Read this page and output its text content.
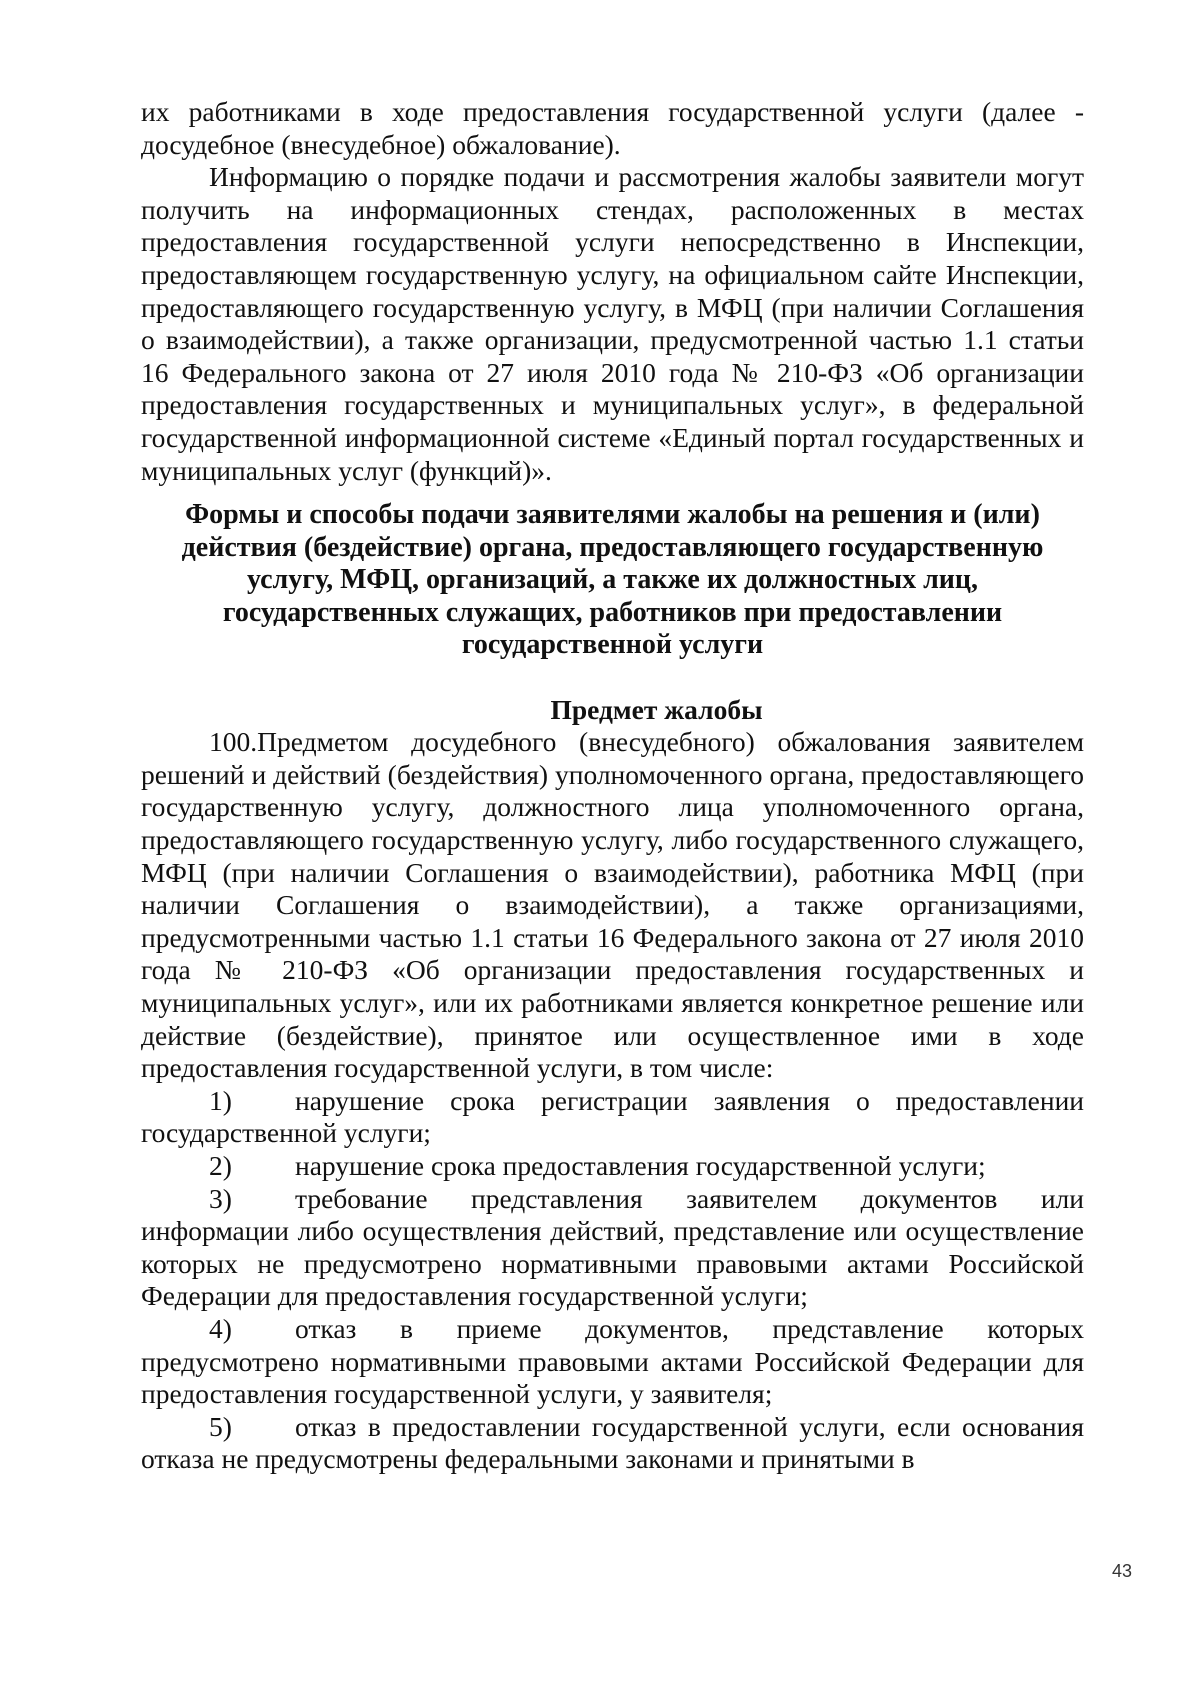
их работниками в ходе предоставления государственной услуги (далее - досудебное (внесудебное) обжалование).

Информацию о порядке подачи и рассмотрения жалобы заявители могут получить на информационных стендах, расположенных в местах предоставления государственной услуги непосредственно в Инспекции, предоставляющем государственную услугу, на официальном сайте Инспекции, предоставляющего государственную услугу, в МФЦ (при наличии Соглашения о взаимодействии), а также организации, предусмотренной частью 1.1 статьи 16 Федерального закона от 27 июля 2010 года № 210-ФЗ «Об организации предоставления государственных и муниципальных услуг», в федеральной государственной информационной системе «Единый портал государственных и муниципальных услуг (функций)».

Формы и способы подачи заявителями жалобы на решения и (или)
действия (бездействие) органа, предоставляющего государственную
услугу, МФЦ, организаций, а также их должностных лиц,
государственных служащих, работников при предоставлении
государственной услуги
Предмет жалобы

100.Предметом досудебного (внесудебного) обжалования заявителем решений и действий (бездействия) уполномоченного органа, предоставляющего государственную услугу, должностного лица уполномоченного органа, предоставляющего государственную услугу, либо государственного служащего, МФЦ (при наличии Соглашения о взаимодействии), работника МФЦ (при наличии Соглашения о взаимодействии), а также организациями, предусмотренными частью 1.1 статьи 16 Федерального закона от 27 июля 2010 года № 210-ФЗ «Об организации предоставления государственных и муниципальных услуг», или их работниками является конкретное решение или действие (бездействие), принятое или осуществленное ими в ходе предоставления государственной услуги, в том числе:

1) нарушение срока регистрации заявления о предоставлении государственной услуги;

2) нарушение срока предоставления государственной услуги;

3) требование представления заявителем документов или информации либо осуществления действий, представление или осуществление которых не предусмотрено нормативными правовыми актами Российской Федерации для предоставления государственной услуги;

4) отказ в приеме документов, представление которых предусмотрено нормативными правовыми актами Российской Федерации для предоставления государственной услуги, у заявителя;

5) отказ в предоставлении государственной услуги, если основания отказа не предусмотрены федеральными законами и принятыми в

43
